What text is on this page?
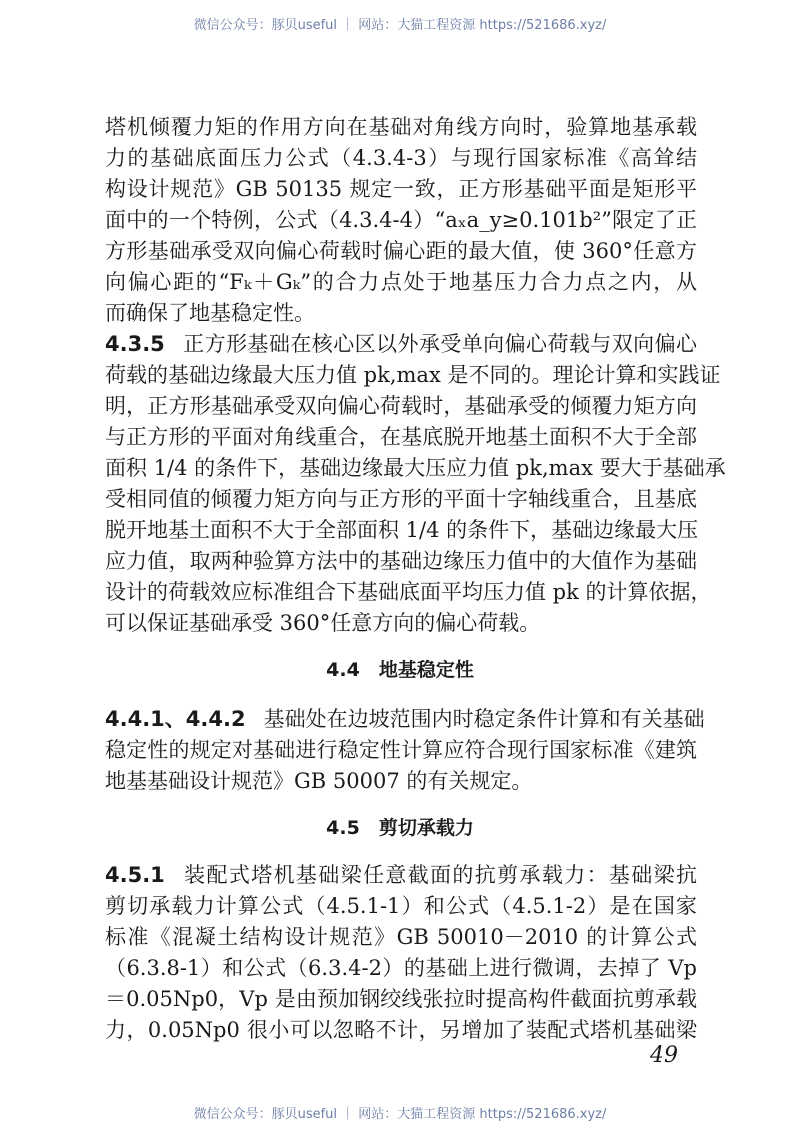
微信公众号：豚贝useful ｜ 网站：大猫工程资源 https://521686.xyz/
塔机倾覆力矩的作用方向在基础对角线方向时，验算地基承载
力的基础底面压力公式（4.3.4-3）与现行国家标准《高耸结
构设计规范》GB 50135 规定一致，正方形基础平面是矩形平
面中的一个特例，公式（4.3.4-4）“aₓa_y≥0.101b²”限定了正
方形基础承受双向偏心荷载时偏心距的最大值，使 360°任意方
向偏心距的“Fₖ＋Gₖ”的合力点处于地基压力合力点之内，从
而确保了地基稳定性。
4.3.5 正方形基础在核心区以外承受单向偏心荷载与双向偏心
荷载的基础边缘最大压力值 pk,max 是不同的。理论计算和实践证
明，正方形基础承受双向偏心荷载时，基础承受的倾覆力矩方向
与正方形的平面对角线重合，在基底脱开地基土面积不大于全部
面积 1/4 的条件下，基础边缘最大压应力值 pk,max 要大于基础承
受相同值的倾覆力矩方向与正方形的平面十字轴线重合，且基底
脱开地基土面积不大于全部面积 1/4 的条件下，基础边缘最大压
应力值，取两种验算方法中的基础边缘压力值中的大值作为基础
设计的荷载效应标准组合下基础底面平均压力值 pk 的计算依据，
可以保证基础承受 360°任意方向的偏心荷载。
4.4　地基稳定性
4.4.1、4.4.2 基础处在边坡范围内时稳定条件计算和有关基础
稳定性的规定对基础进行稳定性计算应符合现行国家标准《建筑
地基基础设计规范》GB 50007 的有关规定。
4.5　剪切承载力
4.5.1 装配式塔机基础梁任意截面的抗剪承载力：基础梁抗
剪切承载力计算公式（4.5.1-1）和公式（4.5.1-2）是在国家
标准《混凝土结构设计规范》GB 50010－2010 的计算公式
（6.3.8-1）和公式（6.3.4-2）的基础上进行微调，去掉了 Vp
＝0.05Np0，Vp 是由预加钢绞线张拉时提高构件截面抗剪承载
力，0.05Np0 很小可以忽略不计，另增加了装配式塔机基础梁
49
微信公众号：豚贝useful ｜ 网站：大猫工程资源 https://521686.xyz/
